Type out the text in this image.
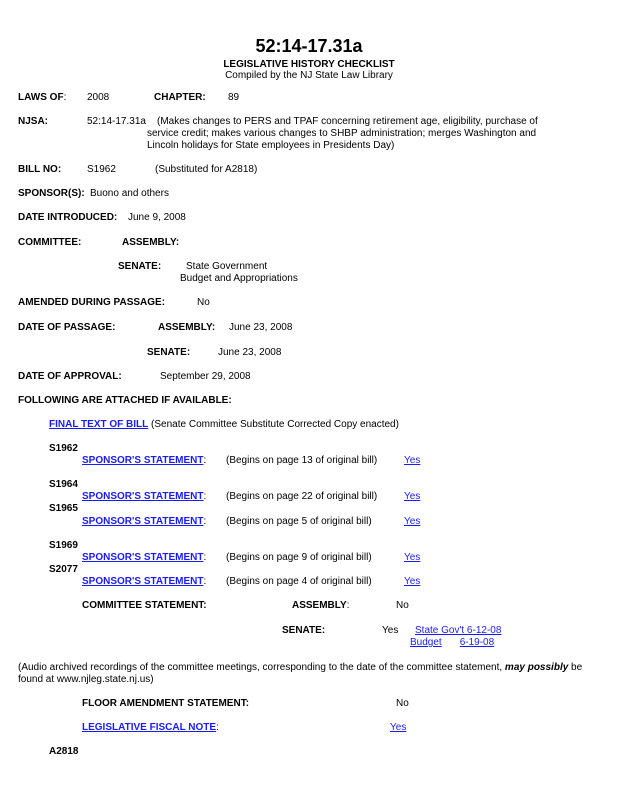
52:14-17.31a
LEGISLATIVE HISTORY CHECKLIST
Compiled by the NJ State Law Library
LAWS OF: 2008	CHAPTER: 89
NJSA:	52:14-17.31a (Makes changes to PERS and TPAF concerning retirement age, eligibility, purchase of
service credit; makes various changes to SHBP administration; merges Washington and
Lincoln holidays for State employees in Presidents Day)
BILL NO:	S1962	(Substituted for A2818)
SPONSOR(S): Buono and others
DATE INTRODUCED: June 9, 2008
COMMITTEE:	ASSEMBLY:
SENATE: State Government
Budget and Appropriations
AMENDED DURING PASSAGE:	No
DATE OF PASSAGE:	ASSEMBLY: June 23, 2008
SENATE:	June 23, 2008
DATE OF APPROVAL:	September 29, 2008
FOLLOWING ARE ATTACHED IF AVAILABLE:
FINAL TEXT OF BILL (Senate Committee Substitute Corrected Copy enacted)
S1962
SPONSOR'S STATEMENT: (Begins on page 13 of original bill)	Yes
S1964
SPONSOR'S STATEMENT: (Begins on page 22 of original bill)	Yes
S1965
SPONSOR'S STATEMENT: (Begins on page 5 of original bill)	Yes
S1969
SPONSOR'S STATEMENT: (Begins on page 9 of original bill)	Yes
S2077
SPONSOR'S STATEMENT: (Begins on page 4 of original bill)	Yes
COMMITTEE STATEMENT:	ASSEMBLY:	No
SENATE:	Yes State Gov't 6-12-08
Budget 6-19-08
(Audio archived recordings of the committee meetings, corresponding to the date of the committee statement, may possibly be found at www.njleg.state.nj.us)
FLOOR AMENDMENT STATEMENT:	No
LEGISLATIVE FISCAL NOTE:	Yes
A2818
